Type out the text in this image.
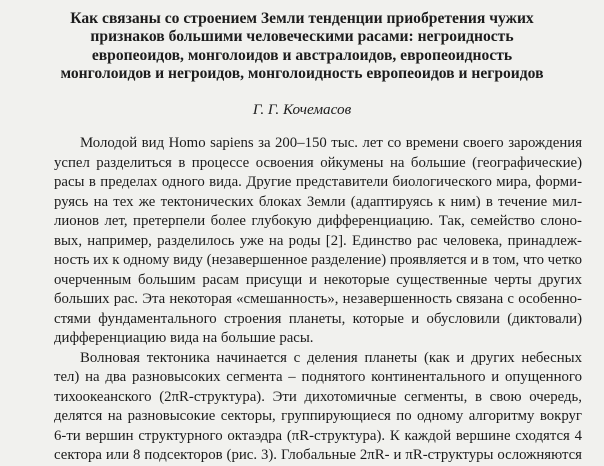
Как связаны со строением Земли тенденции приобретения чужих
признаков большими человеческими расами: негроидность
европеоидов, монголоидов и австралоидов, европеоидность
монголоидов и негроидов, монголоидность европеоидов и негроидов
Г. Г. Кочемасов
Молодой вид Homo sapiens за 200–150 тыс. лет со времени своего зарождения
успел разделиться в процессе освоения ойкумены на большие (географические)
расы в пределах одного вида. Другие представители биологического мира, форми-
руясь на тех же тектонических блоках Земли (адаптируясь к ним) в течение мил-
лионов лет, претерпели более глубокую дифференциацию. Так, семейство слоно-
вых, например, разделилось уже на роды [2]. Единство рас человека, принадлеж-
ность их к одному виду (незавершенное разделение) проявляется и в том, что четко
очерченным большим расам присущи и некоторые существенные черты других
больших рас. Эта некоторая «смешанность», незавершенность связана с особенно-
стями фундаментального строения планеты, которые и обусловили (диктовали)
дифференциацию вида на большие расы.
Волновая тектоника начинается с деления планеты (как и других небесных
тел) на два разновысоких сегмента – поднятого континентального и опущенного
тихоокеанского (2πR-структура). Эти дихотомичные сегменты, в свою очередь,
делятся на разновысокие секторы, группирующиеся по одному алгоритму вокруг
6-ти вершин структурного октаэдра (πR-структура). К каждой вершине сходятся 4
сектора или 8 подсекторов (рис. 3). Глобальные 2πR- и πR-структуры осложняются
